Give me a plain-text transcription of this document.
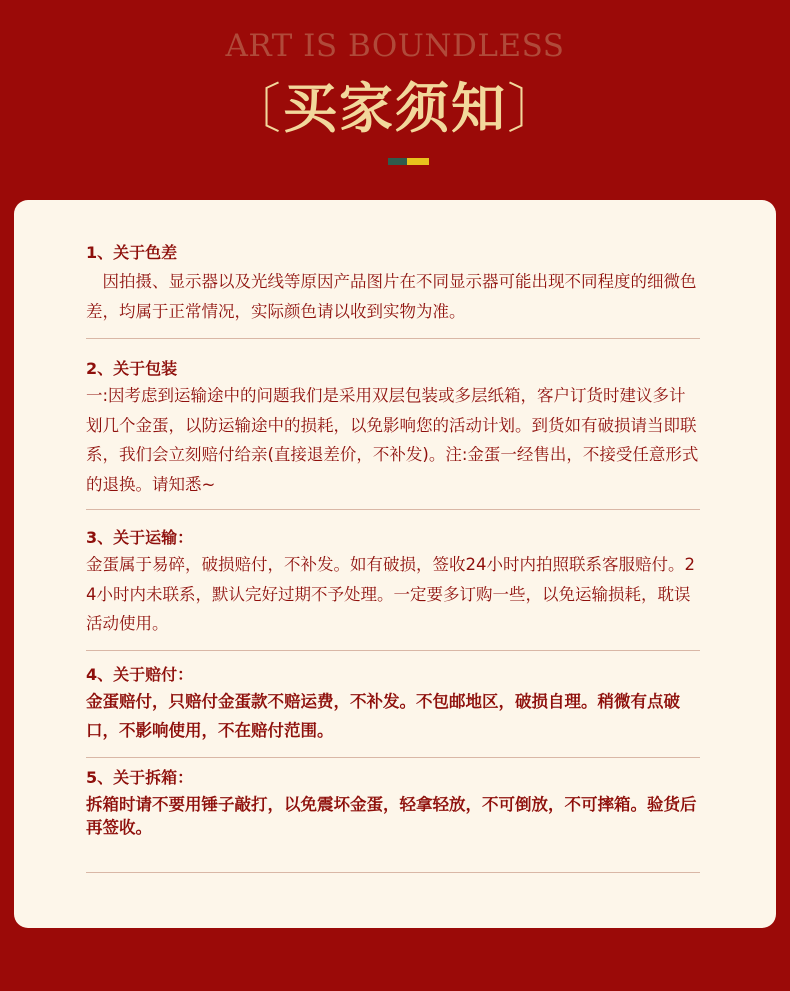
ART IS BOUNDLESS
〔买家须知〕
1、关于色差
　因拍摄、显示器以及光线等原因产品图片在不同显示器可能出现不同程度的细微色差，均属于正常情况，实际颜色请以收到实物为准。
2、关于包装
一:因考虑到运输途中的问题我们是采用双层包装或多层纸箱，客户订货时建议多计划几个金蛋，以防运输途中的损耗，以免影响您的活动计划。到货如有破损请当即联系，我们会立刻赔付给亲(直接退差价，不补发)。注:金蛋一经售出，不接受任意形式的退换。请知悉~
3、关于运输：
金蛋属于易碎，破损赔付，不补发。如有破损，签收24小时内拍照联系客服赔付。24小时内未联系，默认完好过期不予处理。一定要多订购一些，以免运输损耗，耽误活动使用。
4、关于赔付：
金蛋赔付，只赔付金蛋款不赔运费，不补发。不包邮地区，破损自理。稍微有点破口，不影响使用，不在赔付范围。
5、关于拆箱：
拆箱时请不要用锤子敲打，以免震坏金蛋，轻拿轻放，不可倒放，不可摔箱。验货后再签收。
